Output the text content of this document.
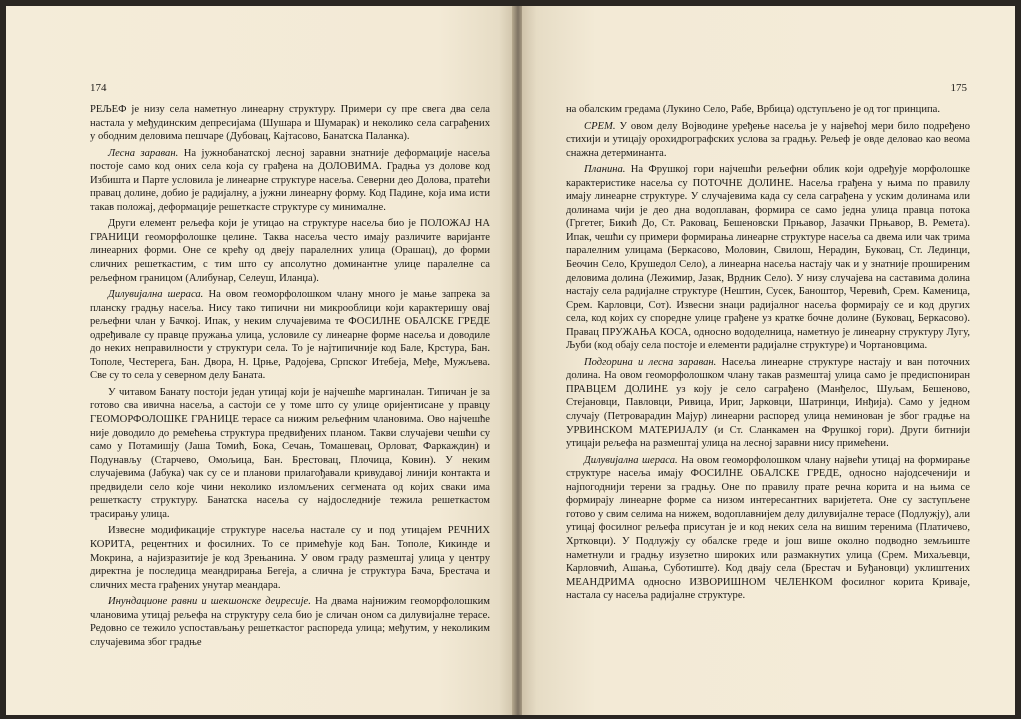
174

РЕЉЕФ је низу села наметнуо линеарну структуру. Примери су пре свега два села настала у међудинским депресијама (Шушара и Шумарак) и неколико села саграђених у ободним деловима пешчаре (Дубовац, Кајтасово, Банатска Паланка).

Лесна зараван. На јужнобанатској лесној заравни знатније деформације насеља постоје само код оних села која су грађена на ДОЛОВИМА. Градња уз долове код Избишта и Парте условила је линеарне структуре насеља. Северни део Долова, пратећи правац долине, добио је радијалну, а јужни линеарну форму. Код Падине, која има исти такав положај, деформације решеткасте структуре су минималне.

Други елемент рељефа који је утицао на структуре насеља био је ПОЛОЖАЈ НА ГРАНИЦИ геоморфолошке целине. Таква насеља често имају различите варијанте линеарних форми. Оне се крећу од двеју паралелних улица (Орашац), до форми сличних решеткастим, с тим што су апсолутно доминантне улице паралелне са рељефном границом (Алибунар, Селеуш, Иланџа).

Дилувијална шераса. На овом геоморфолошком члану много је мање запрека за планску градњу насеља. Нису тако типични ни микрооблици који карактеришу овај рељефни члан у Бачкој. Ипак, у неким случајевима те ФОСИЛНЕ ОБАЛСКЕ ГРЕДЕ одређивале су правце пружања улица, условиле су линеарне форме насеља и доводиле до неких неправилности у структури села. То је најтипичније код Бале, Крстура, Бан. Тополе, Честерега, Бан. Двора, Н. Црње, Радојева, Српског Итебеја, Међе, Мужљева. Све су то села у северном делу Баната.

У читавом Банату постоји један утицај који је најчешће маргиналан. Типичан је за готово сва ивична насеља, а састоји се у томе што су улице оријентисане у правцу ГЕОМОРФОЛОШКЕ ГРАНИЦЕ терасе са нижим рељефним члановима. Ово најчешће није доводило до ремећења структура предвиђених планом. Такви случајеви чешћи су само у Потамишју (Јаша Томић, Бока, Сечањ, Томашевац, Орловат, Фаркаждин) и Подунављу (Старчево, Омољица, Бан. Брестовац, Плочица, Ковин). У неким случајевима (Јабука) чак су се и планови прилагођавали кривудавој линији контакта и предвидели село које чини неколико изломљених сегмената од којих сваки има решеткасту структуру. Банатска насеља су најдоследније тежила решеткастом трасирању улица.

Извесне модификације структуре насеља настале су и под утицајем РЕЧНИХ КОРИТА, рецентних и фосилних. То се примећује код Бан. Тополе, Кикинде и Мокрина, а најизразитије је код Зрењанина. У овом граду размештај улица у центру директна је последица меандрирања Бегеја, а слична је структура Бача, Брестача и сличних места грађених унутар меандара.

Инундационе равни и шекшонске деџресије. На двама најнижим геоморфолошким члановима утицај рељефа на структуру села био је сличан оном са дилувијалне терасе. Редовно се тежило успостављању решеткастог распореда улица; међутим, у неколиким случајевима због градње

175

на обалским гредама (Лукино Село, Рабе, Врбица) одступљено је од тог принципа.

СРЕМ. У овом делу Војводине уређење насеља је у највећој мери било подређено стихији и утицају орохидрографских услова за градњу. Рељеф је овде деловао као веома снажна детерминанта.

Планина. На Фрушкој гори најчешћи рељефни облик који одређује морфолошке карактеристике насеља су ПОТОЧНЕ ДОЛИНЕ. Насеља грађена у њима по правилу имају линеарне структуре. У случајевима када су села саграђена у уским долинама или долинама чији је део дна водоплаван, формира се само једна улица правца потока (Гргетег, Бикић До, Ст. Раковац, Бешеновски Прњавор, Јазачки Прњавор, В. Ремета). Ипак, чешћи су примери формирања линеарне структуре насеља са двема или чак трима паралелним улицама (Беркасово, Моловин, Свилош, Нерадин, Буковац, Ст. Лединци, Беочин Село, Крушедол Село), а линеарна насеља настају чак и у знатније проширеним деловима долина (Лежимир, Јазак, Врдник Село). У низу случајева на саставима долина настају села радијалне структуре (Нештин, Сусек, Баноштор, Черевић, Срем. Каменица, Срем. Карловци, Сот). Извесни знаци радијалног насеља формирају се и код других села, код којих су споредне улице грађене уз кратке бочне долине (Буковац, Беркасово). Правац ПРУЖАЊА КОСА, односно вододелница, наметнуо је линеарну структуру Лугу, Љуби (код обају села постоје и елементи радијалне структуре) и Чортановцима.

Подгорина и лесна зараван. Насеља линеарне структуре настају и ван поточних долина. На овом геоморфолошком члану такав размештај улица само је предиспониран ПРАВЦЕМ ДОЛИНЕ уз коју је село саграђено (Манђелос, Шуљам, Бешеново, Стејановци, Павловци, Ривица, Ириг, Јарковци, Шатринци, Инђија). Само у једном случају (Петроварадин Мајур) линеарни распоред улица неминован је због градње на УРВИНСКОМ МАТЕРИЈАЛУ (и Ст. Сланкамен на Фрушкој гори). Други битнији утицаји рељефа на размештај улица на лесној заравни нису примећени.

Дилувијална шераса. На овом геоморфолошком члану највећи утицај на формирање структуре насеља имају ФОСИЛНЕ ОБАЛСКЕ ГРЕДЕ, односно најодсеченији и најпогоднији терени за градњу. Оне по правилу прате речна корита и на њима се формирају линеарне форме са низом интересантних варијетета. Оне су заступљене готово у свим селима на нижем, водоплавнијем делу дилувијалне терасе (Подлужју), али утицај фосилног рељефа присутан је и код неких села на вишим теренима (Платичево, Хртковци). У Подлужју су обалске греде и још више околно подводно земљиште наметнули и градњу изузетно широких или размакнутих улица (Срем. Михаљевци, Карловчић, Ашања, Суботиште). Код двају села (Брестач и Буђановци) уклиштених МЕАНДРИМА односно ИЗВОРИШНОМ ЧЕЛЕНКОМ фосилног корита Криваје, настала су насеља радијалне структуре.
